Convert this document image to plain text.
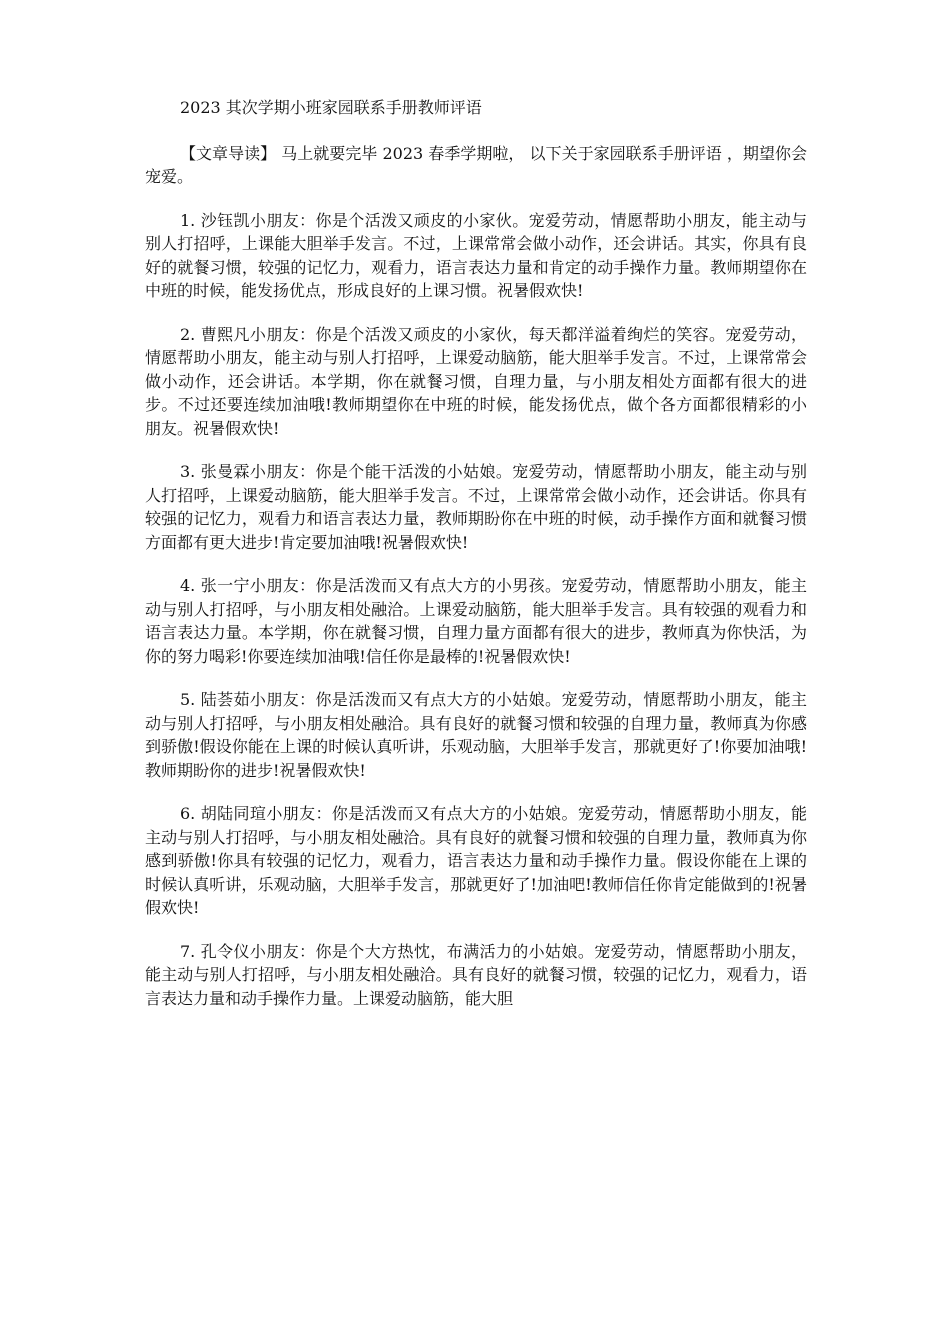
2023 其次学期小班家园联系手册教师评语

【文章导读】 马上就要完毕 2023 春季学期啦， 以下关于家园联系手册评语 ，期望你会宠爱。

1. 沙钰凯小朋友：你是个活泼又顽皮的小家伙。宠爱劳动，情愿帮助小朋友，能主动与别人打招呼，上课能大胆举手发言。不过，上课常常会做小动作，还会讲话。其实，你具有良好的就餐习惯，较强的记忆力，观看力，语言表达力量和肯定的动手操作力量。教师期望你在中班的时候，能发扬优点，形成良好的上课习惯。祝暑假欢快!

2. 曹熙凡小朋友：你是个活泼又顽皮的小家伙，每天都洋溢着绚烂的笑容。宠爱劳动，情愿帮助小朋友，能主动与别人打招呼，上课爱动脑筋，能大胆举手发言。不过，上课常常会做小动作，还会讲话。本学期，你在就餐习惯，自理力量，与小朋友相处方面都有很大的进步。不过还要连续加油哦!教师期望你在中班的时候，能发扬优点，做个各方面都很精彩的小朋友。祝暑假欢快!

3. 张曼霖小朋友：你是个能干活泼的小姑娘。宠爱劳动，情愿帮助小朋友，能主动与别人打招呼，上课爱动脑筋，能大胆举手发言。不过，上课常常会做小动作，还会讲话。你具有较强的记忆力，观看力和语言表达力量，教师期盼你在中班的时候，动手操作方面和就餐习惯方面都有更大进步!肯定要加油哦!祝暑假欢快!

4. 张一宁小朋友：你是活泼而又有点大方的小男孩。宠爱劳动，情愿帮助小朋友，能主动与别人打招呼，与小朋友相处融洽。上课爱动脑筋，能大胆举手发言。具有较强的观看力和语言表达力量。本学期，你在就餐习惯，自理力量方面都有很大的进步，教师真为你快活，为你的努力喝彩!你要连续加油哦!信任你是最棒的!祝暑假欢快!

5. 陆荟茹小朋友：你是活泼而又有点大方的小姑娘。宠爱劳动，情愿帮助小朋友，能主动与别人打招呼，与小朋友相处融洽。具有良好的就餐习惯和较强的自理力量，教师真为你感到骄傲!假设你能在上课的时候认真听讲，乐观动脑，大胆举手发言，那就更好了!你要加油哦!教师期盼你的进步!祝暑假欢快!

6. 胡陆同瑄小朋友：你是活泼而又有点大方的小姑娘。宠爱劳动，情愿帮助小朋友，能主动与别人打招呼，与小朋友相处融洽。具有良好的就餐习惯和较强的自理力量，教师真为你感到骄傲!你具有较强的记忆力，观看力，语言表达力量和动手操作力量。假设你能在上课的时候认真听讲，乐观动脑，大胆举手发言，那就更好了!加油吧!教师信任你肯定能做到的!祝暑假欢快!

7. 孔令仪小朋友：你是个大方热忱，布满活力的小姑娘。宠爱劳动，情愿帮助小朋友，能主动与别人打招呼，与小朋友相处融洽。具有良好的就餐习惯，较强的记忆力，观看力，语言表达力量和动手操作力量。上课爱动脑筋，能大胆
